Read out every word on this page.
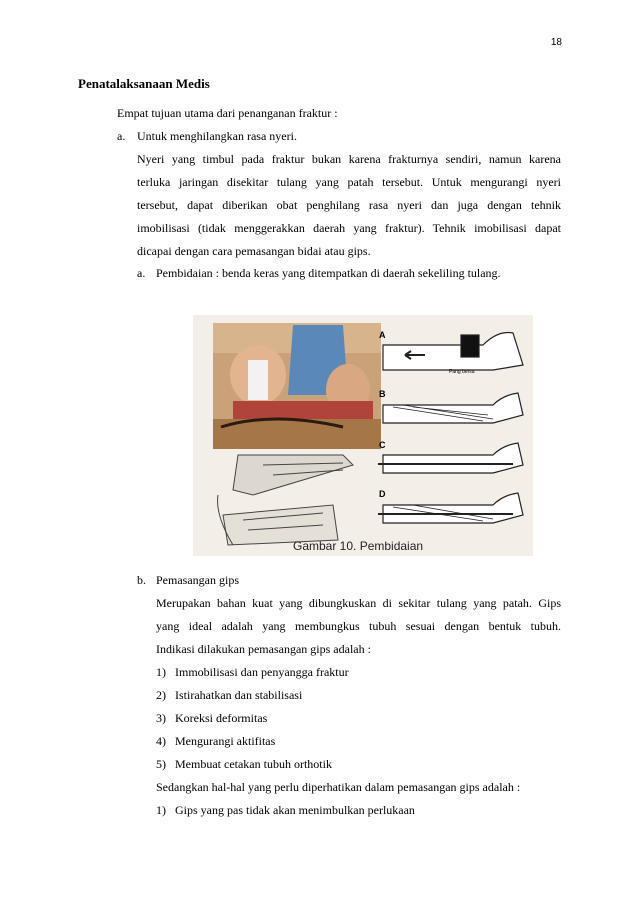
18
Penatalaksanaan Medis
Empat tujuan utama dari penanganan fraktur :
a. Untuk menghilangkan rasa nyeri.
Nyeri yang timbul pada fraktur bukan karena frakturnya sendiri, namun karena
terluka jaringan disekitar tulang yang patah tersebut. Untuk mengurangi nyeri
tersebut, dapat diberikan obat penghilang rasa nyeri dan juga dengan tehnik
imobilisasi (tidak menggerakkan daerah yang fraktur). Tehnik imobilisasi dapat
dicapai dengan cara pemasangan bidai atau gips.
a. Pembidaian : benda keras yang ditempatkan di daerah sekeliling tulang.
A
B
C
D
Pang bersa
Gambar 10. Pembidaian
b. Pemasangan gips
Merupakan bahan kuat yang dibungkuskan di sekitar tulang yang patah. Gips
yang ideal adalah yang membungkus tubuh sesuai dengan bentuk tubuh.
Indikasi dilakukan pemasangan gips adalah :
1) Immobilisasi dan penyangga fraktur
2) Istirahatkan dan stabilisasi
3) Koreksi deformitas
4) Mengurangi aktifitas
5) Membuat cetakan tubuh orthotik
Sedangkan hal-hal yang perlu diperhatikan dalam pemasangan gips adalah :
1) Gips yang pas tidak akan menimbulkan perlukaan
